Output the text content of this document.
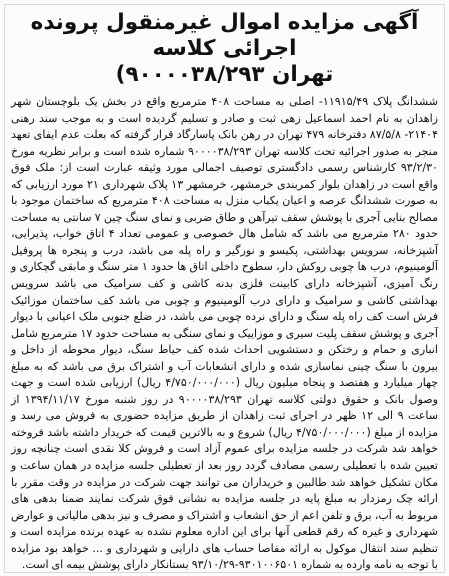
آگهی مزایده اموال غیرمنقول پرونده اجرائی کلاسه
تهران ۹۰۰۰۰۳۸/۲۹۳)

ششدانگ پلاک ۱۱۹۱۵/۴۹- اصلی به مساحت ۴۰۸ مترمربع واقع در بخش یک بلوچستان شهر زاهدان به نام احمد اسماعیل زهی ثبت و صادر و تسلیم گردیده است و به موجب سند رهنی ۲۱۴۰۴- ۸۷/۵/۸ دفترخانه ۴۷۹ تهران در رهن بانک پاسارگاد قرار گرفته که بعلت عدم ایفای تعهد منجر به صدور اجرائیه تحت کلاسه تهران ۹۰۰۰۰۳۸/۲۹۳ شماره شده است و برابر نظریه مورخ ۹۳/۲/۳۰ کارشناس رسمی دادگستری توصیف اجمالی مورد وثیقه عبارت است از: ملک فوق واقع است در زاهدان بلوار کمربندی خرمشهر، خرمشهر ۱۳ پلاک شهرداری ۲۱ مورد ارزیابی که به صورت ششدانگ عرصه و اعیان یکباب منزل به مساحت ۴۰۸ مترمربع که ساختمان موجود با مصالح بنایی آجری با پوشش سقف تیرآهن و طاق ضربی و نمای سنگ چین ۷ سانتی به مساحت حدود ۲۸۰ مترمربع می باشد که شامل هال خصوصی و عمومی تعداد ۴ اتاق خواب، پذیرایی، آشپزخانه، سرویس بهداشتی، پکیسو و نورگیر و راه پله می باشد، درب و پنجره ها پروفیل آلومینیوم، درب ها چوبی روکش دار، سطوح داخلی اتاق ها حدود ۱ متر سنگ و مابقی گچکاری و رنگ آمیزی، آشپزخانه دارای کابینت فلزی بدنه کاشی و کف سرامیک می باشد سرویس بهداشتی کاشی و سرامیک و دارای درب آلومینیوم و چوبی می باشد کف ساختمان موزائیک فرش است کف راه پله سنگ و دارای نرده چوبی می باشد، در ضلع جنوبی ملک اعیانی با دیوار آجری و پوشش سقف پلیت سیری و موزاییک و نمای سنگی به مساحت حدود ۱۷ مترمربع شامل انباری و حمام و رختکن و دستشویی احداث شده کف حیاط سنگ، دیوار محوطه از داخل و بیرون با سنگ چینی نماسازی شده و دارای انشعابات آب و اشتراک برق می باشد که به مبلغ چهار میلیارد و هفتصد و پنجاه میلیون ریال (۴/۷۵۰/۰۰۰/۰۰۰ ریال) ارزیابی شده است و جهت وصول بانک و حقوق دولتی کلاسه تهران ۹۰۰۰۰۳۸/۲۹۳ در روز شنبه مورخ ۱۳۹۴/۱۱/۱۷ از ساعت ۹ الی ۱۲ ظهر در اجرای ثبت زاهدان از طریق مزایده حضوری به فروش می رسد و مزایده از مبلغ (۴/۷۵۰/۰۰۰/۰۰۰ ریال) شروع و به بالاترین قیمت که خریدار داشته باشد فروخته خواهد شد شرکت در جلسه مزایده برای عموم آزاد است و فروش کلا نقدی است چنانچه روز تعیین شده با تعطیلی رسمی مصادف گردد روز بعد از تعطیلی جلسه مزایده در همان ساعت و مکان تشکیل خواهد شد طالبین و خریداران می توانند جهت شرکت در مزایده در وقت مقرر با ارائه چک رمزدار به مبلغ پایه در جلسه مزایده به نشانی فوق شرکت نمایند ضمنا بدهی های مربوط به آب، برق و تلفن اعم از حق انشعاب و اشتراک و مصرف و نیز بدهی مالیاتی و عوارض شهرداری و غیره که رقم قطعی آنها برای این اداره معلوم نشده به عهده برنده مزایده است و تنظیم سند انتقال موکول به ارائه مفاصا حساب های دارایی و شهرداری و ... خواهد بود مزایده با توجه به نامه وارده به شماره ۹۳۰۱۰۰۶۵۰۱-۹۳/۱۰/۲۹ بستانکار دارای پوشش بیمه ای است.
